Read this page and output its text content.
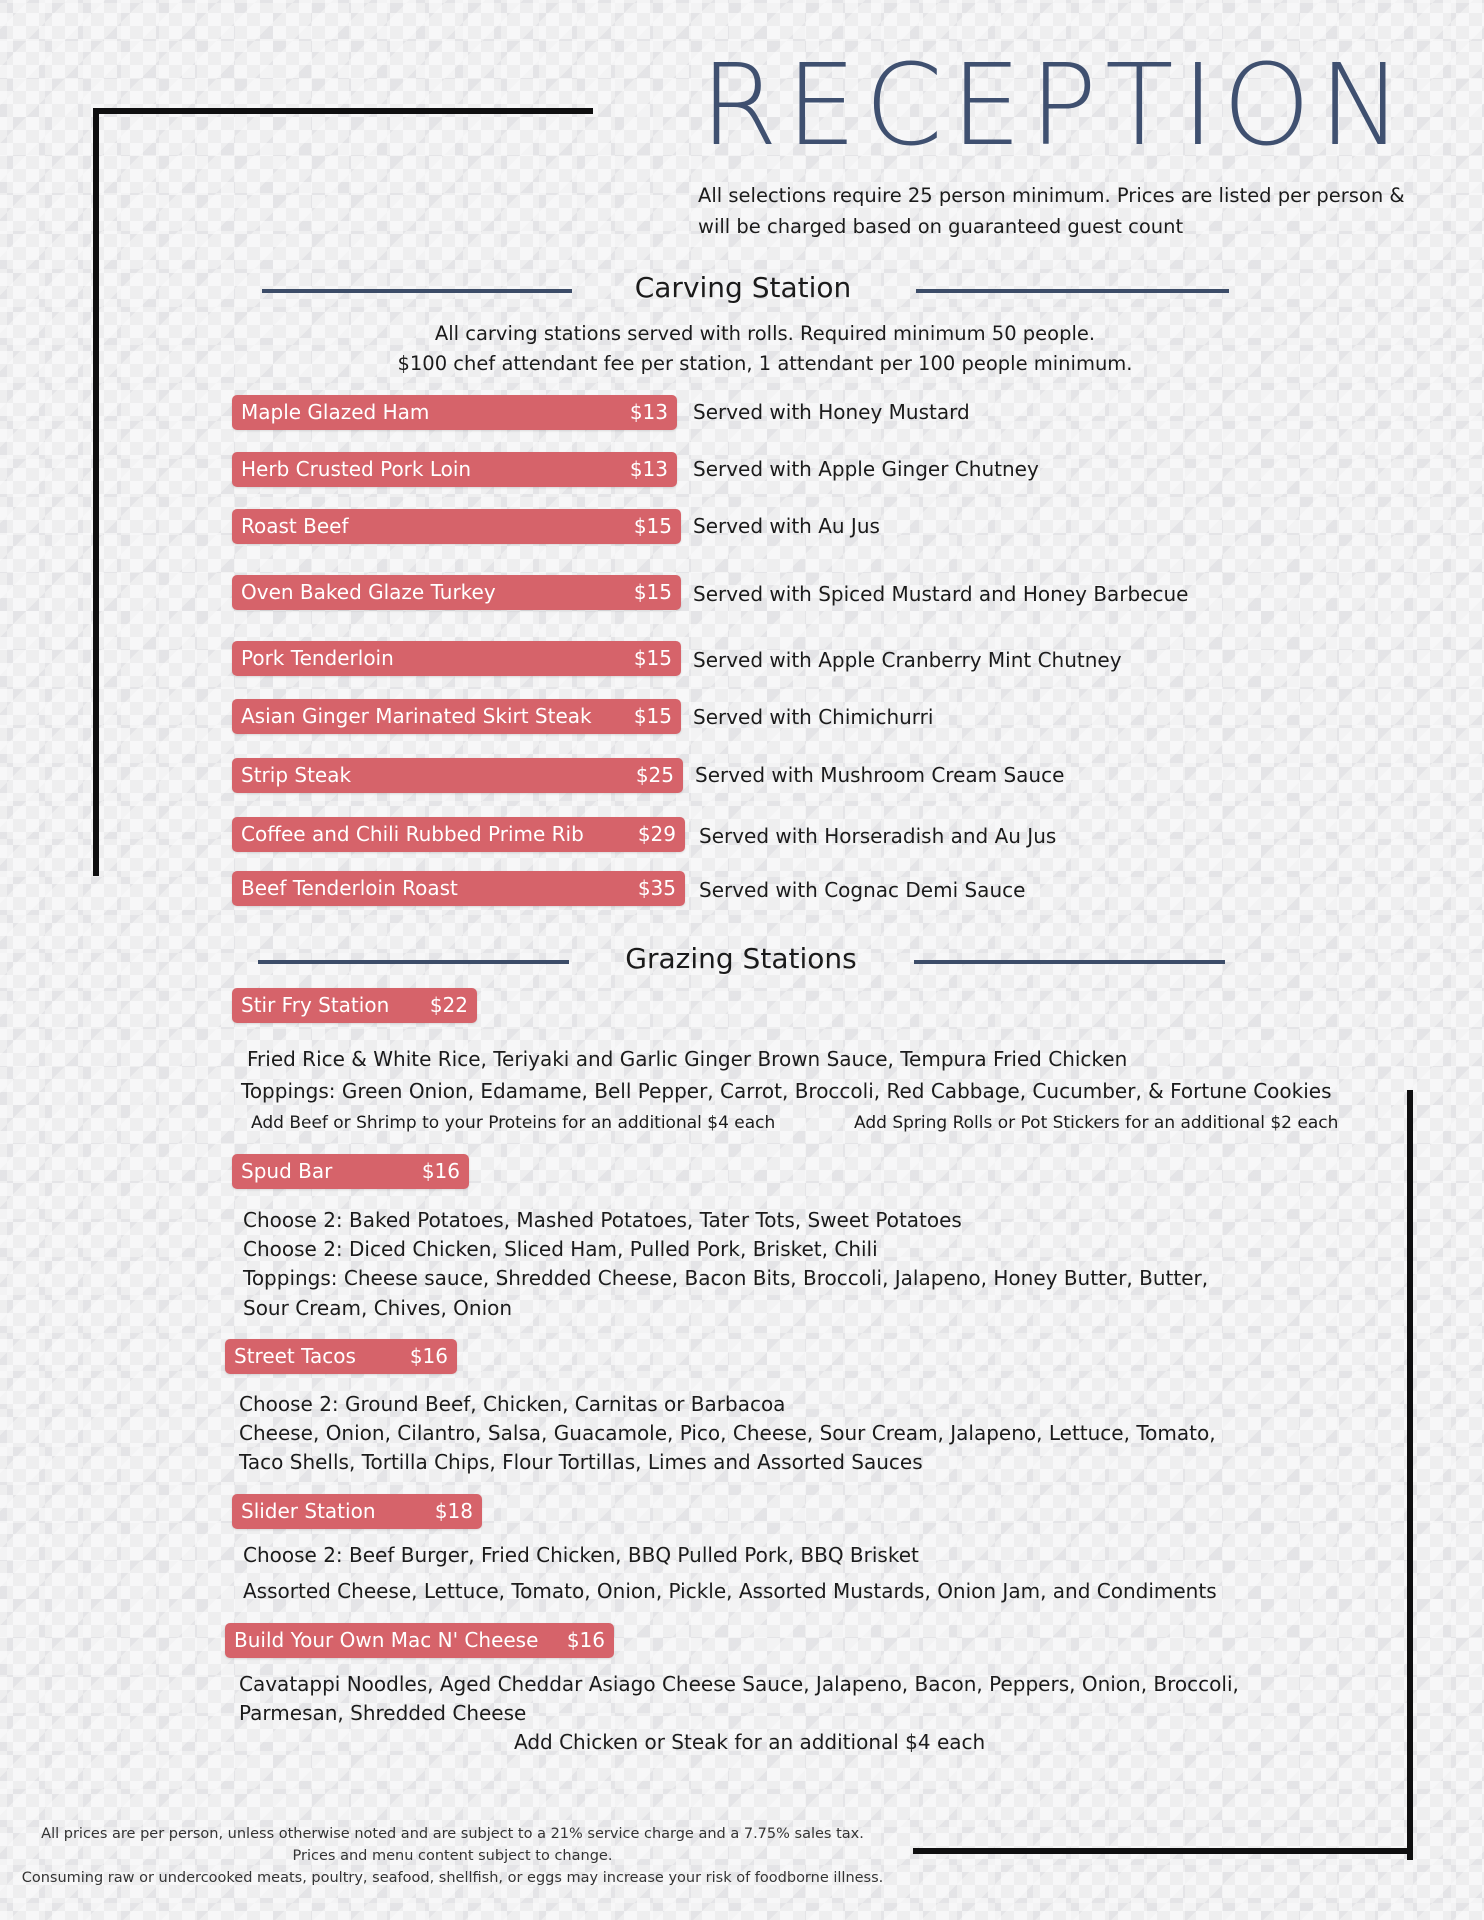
RECEPTION
All selections require 25 person minimum. Prices are listed per person &
will be charged based on guaranteed guest count
Carving Station
All carving stations served with rolls. Required minimum 50 people.
$100 chef attendant fee per station, 1 attendant per 100 people minimum.
Maple Glazed Ham	$13 Served with Honey Mustard
Herb Crusted Pork Loin	$13 Served with Apple Ginger Chutney
Roast Beef	$15 Served with Au Jus
Oven Baked Glaze Turkey	$15 Served with Spiced Mustard and Honey Barbecue
Pork Tenderloin	$15 Served with Apple Cranberry Mint Chutney
Asian Ginger Marinated Skirt Steak $15 Served with Chimichurri
Strip Steak	$25 Served with Mushroom Cream Sauce
Coffee and Chili Rubbed Prime Rib	$29 Served with Horseradish and Au Jus
Beef Tenderloin Roast	$35 Served with Cognac Demi Sauce
Grazing Stations
Stir Fry Station $22
Fried Rice & White Rice, Teriyaki and Garlic Ginger Brown Sauce, Tempura Fried Chicken
Toppings: Green Onion, Edamame, Bell Pepper, Carrot, Broccoli, Red Cabbage, Cucumber, & Fortune Cookies
Add Beef or Shrimp to your Proteins for an additional $4 each	Add Spring Rolls or Pot Stickers for an additional $2 each
Spud Bar	$16
Choose 2: Baked Potatoes, Mashed Potatoes, Tater Tots, Sweet Potatoes
Choose 2: Diced Chicken, Sliced Ham, Pulled Pork, Brisket, Chili
Toppings: Cheese sauce, Shredded Cheese, Bacon Bits, Broccoli, Jalapeno, Honey Butter, Butter,
Sour Cream, Chives, Onion
Street Tacos	$16
Choose 2: Ground Beef, Chicken, Carnitas or Barbacoa
Cheese, Onion, Cilantro, Salsa, Guacamole, Pico, Cheese, Sour Cream, Jalapeno, Lettuce, Tomato,
Taco Shells, Tortilla Chips, Flour Tortillas, Limes and Assorted Sauces
Slider Station	$18
Choose 2: Beef Burger, Fried Chicken, BBQ Pulled Pork, BBQ Brisket
Assorted Cheese, Lettuce, Tomato, Onion, Pickle, Assorted Mustards, Onion Jam, and Condiments
Build Your Own Mac N' Cheese $16
Cavatappi Noodles, Aged Cheddar Asiago Cheese Sauce, Jalapeno, Bacon, Peppers, Onion, Broccoli,
Parmesan, Shredded Cheese
Add Chicken or Steak for an additional $4 each
All prices are per person, unless otherwise noted and are subject to a 21% service charge and a 7.75% sales tax.
Prices and menu content subject to change.
Consuming raw or undercooked meats, poultry, seafood, shellfish, or eggs may increase your risk of foodborne illness.
